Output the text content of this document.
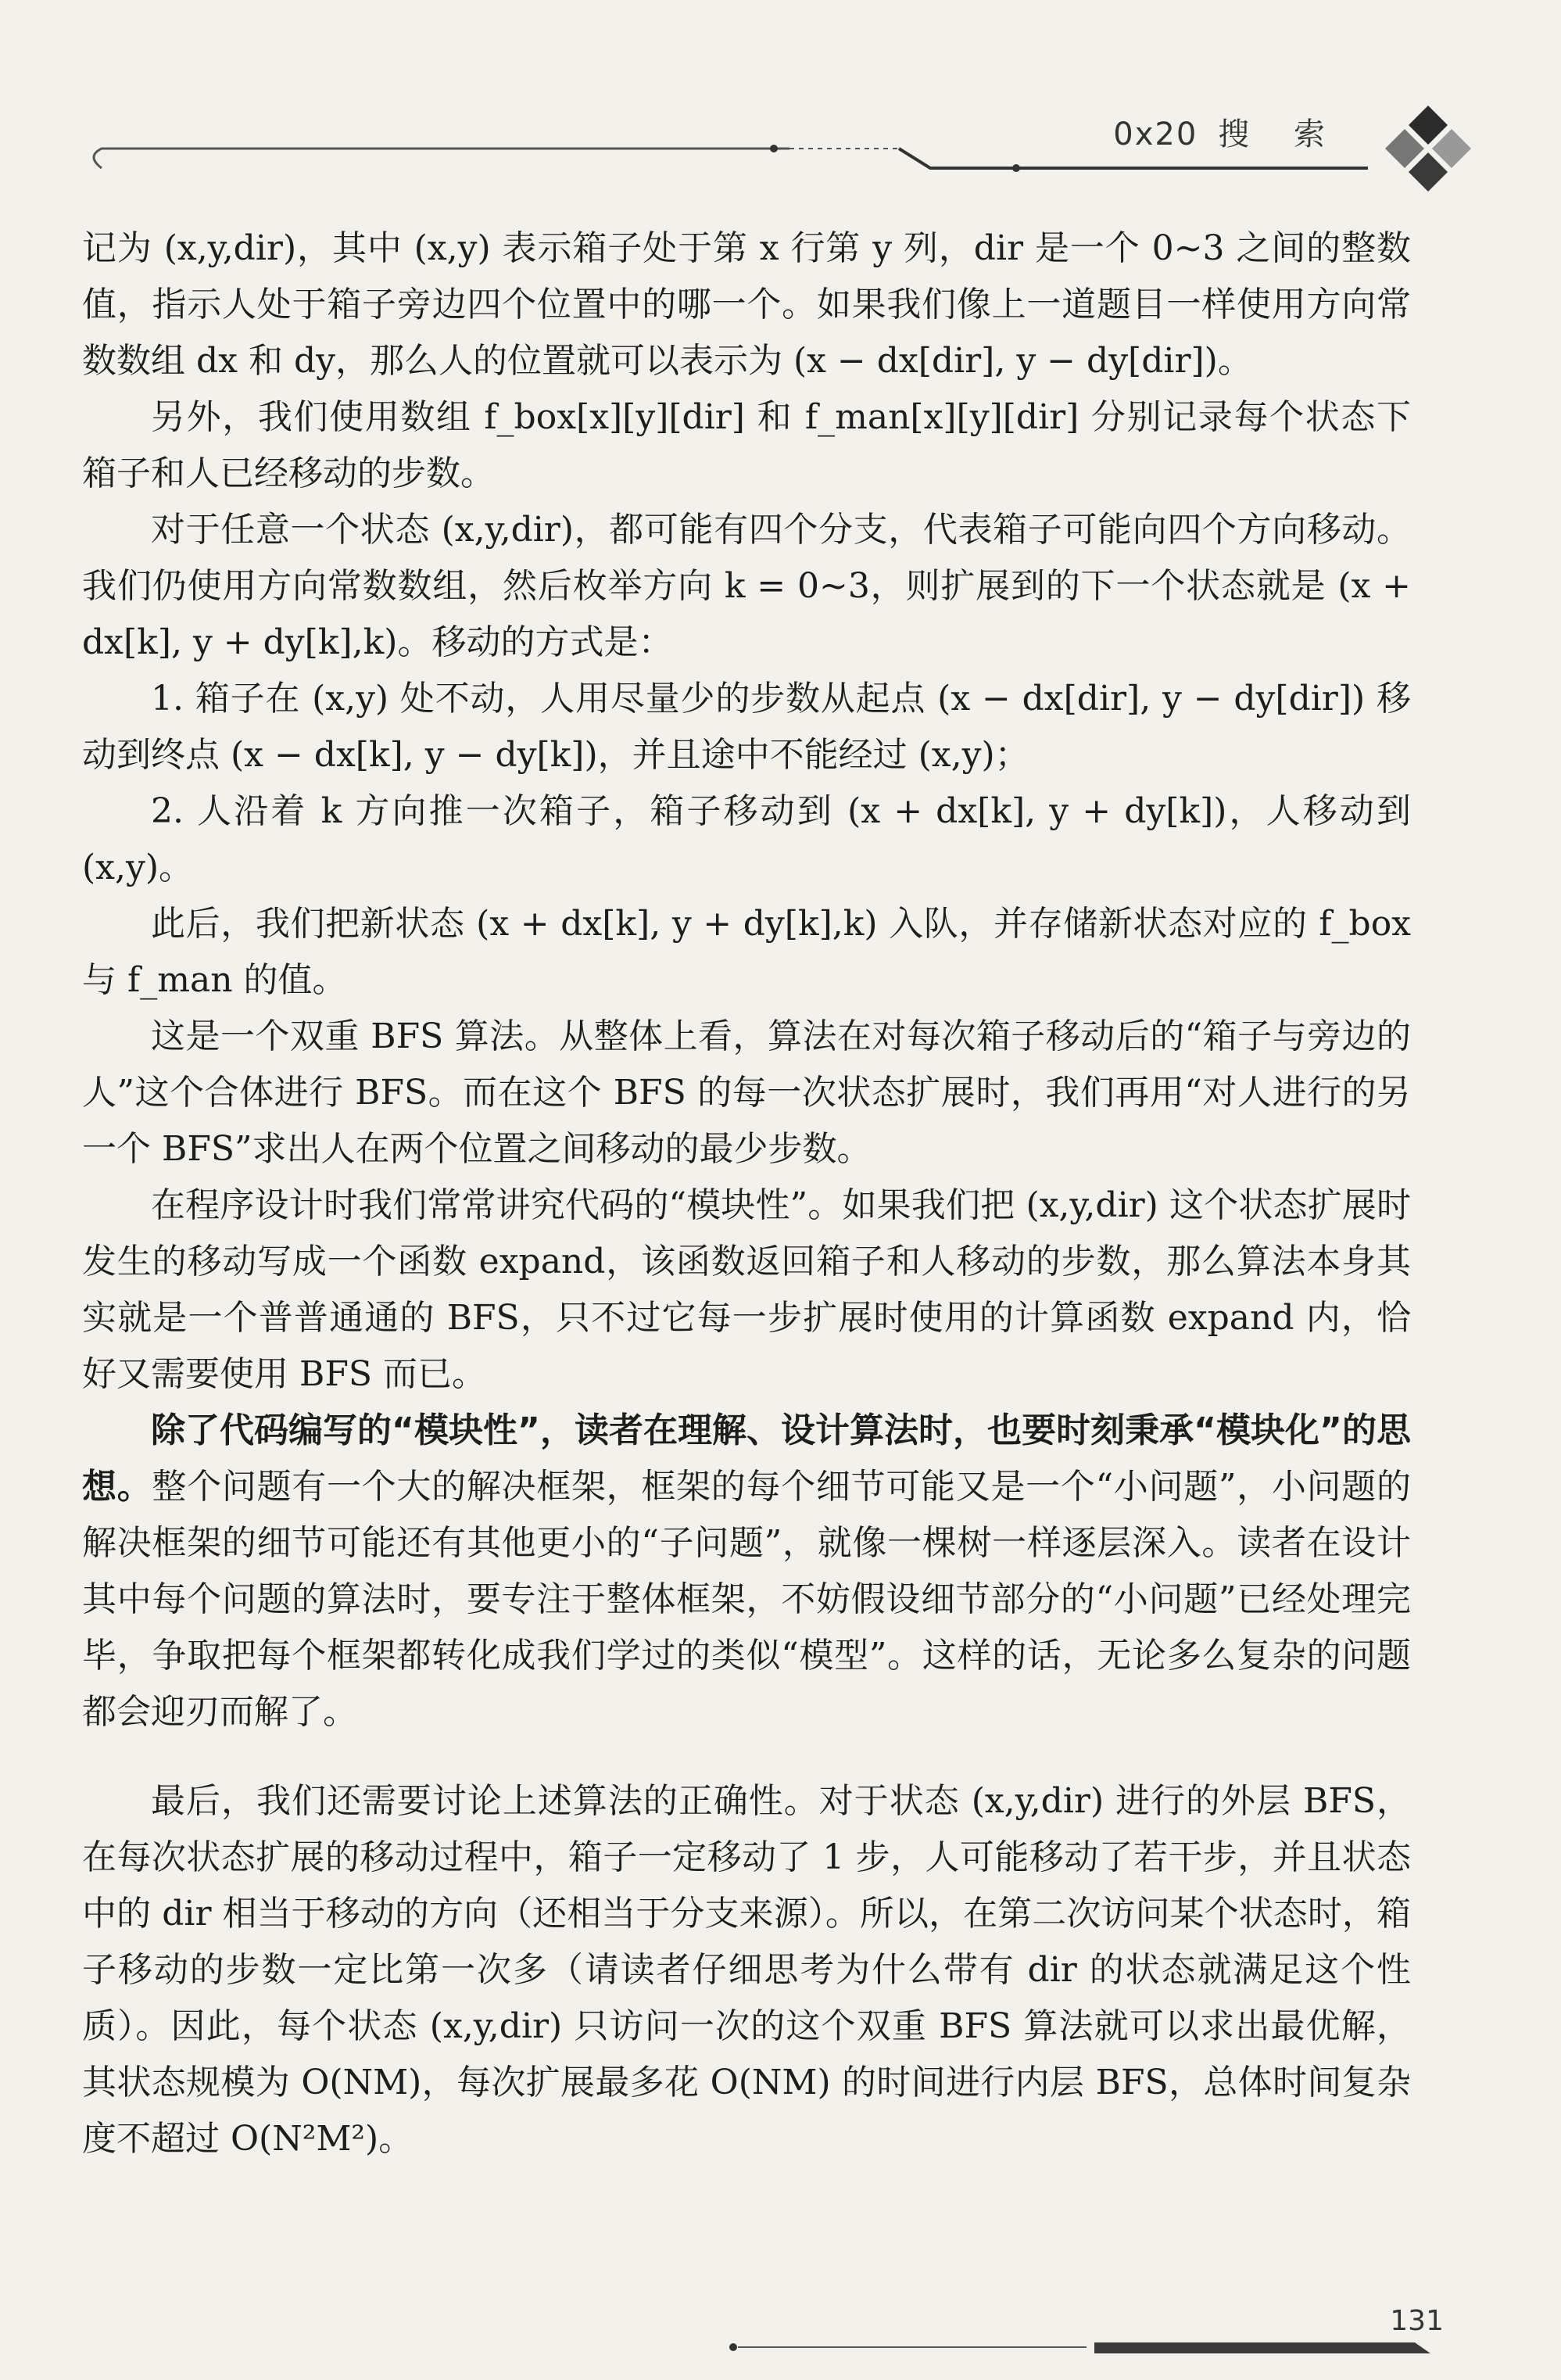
0x20 搜 索

记为 (x,y,dir)，其中 (x,y) 表示箱子处于第 x 行第 y 列，dir 是一个 0~3 之间的整数值，指示人处于箱子旁边四个位置中的哪一个。如果我们像上一道题目一样使用方向常数数组 dx 和 dy，那么人的位置就可以表示为 (x − dx[dir], y − dy[dir])。

另外，我们使用数组 f_box[x][y][dir] 和 f_man[x][y][dir] 分别记录每个状态下箱子和人已经移动的步数。

对于任意一个状态 (x,y,dir)，都可能有四个分支，代表箱子可能向四个方向移动。我们仍使用方向常数数组，然后枚举方向 k = 0~3，则扩展到的下一个状态就是 (x + dx[k], y + dy[k],k)。移动的方式是：

1. 箱子在 (x,y) 处不动，人用尽量少的步数从起点 (x − dx[dir], y − dy[dir]) 移动到终点 (x − dx[k], y − dy[k])，并且途中不能经过 (x,y)；

2. 人沿着 k 方向推一次箱子，箱子移动到 (x + dx[k], y + dy[k])，人移动到 (x,y)。

此后，我们把新状态 (x + dx[k], y + dy[k],k) 入队，并存储新状态对应的 f_box 与 f_man 的值。

这是一个双重 BFS 算法。从整体上看，算法在对每次箱子移动后的“箱子与旁边的人”这个合体进行 BFS。而在这个 BFS 的每一次状态扩展时，我们再用“对人进行的另一个 BFS”求出人在两个位置之间移动的最少步数。

在程序设计时我们常常讲究代码的“模块性”。如果我们把 (x,y,dir) 这个状态扩展时发生的移动写成一个函数 expand，该函数返回箱子和人移动的步数，那么算法本身其实就是一个普普通通的 BFS，只不过它每一步扩展时使用的计算函数 expand 内，恰好又需要使用 BFS 而已。

除了代码编写的“模块性”，读者在理解、设计算法时，也要时刻秉承“模块化”的思想。整个问题有一个大的解决框架，框架的每个细节可能又是一个“小问题”，小问题的解决框架的细节可能还有其他更小的“子问题”，就像一棵树一样逐层深入。读者在设计其中每个问题的算法时，要专注于整体框架，不妨假设细节部分的“小问题”已经处理完毕，争取把每个框架都转化成我们学过的类似“模型”。这样的话，无论多么复杂的问题都会迎刃而解了。

最后，我们还需要讨论上述算法的正确性。对于状态 (x,y,dir) 进行的外层 BFS，在每次状态扩展的移动过程中，箱子一定移动了 1 步，人可能移动了若干步，并且状态中的 dir 相当于移动的方向（还相当于分支来源）。所以，在第二次访问某个状态时，箱子移动的步数一定比第一次多（请读者仔细思考为什么带有 dir 的状态就满足这个性质）。因此，每个状态 (x,y,dir) 只访问一次的这个双重 BFS 算法就可以求出最优解，其状态规模为 O(NM)，每次扩展最多花 O(NM) 的时间进行内层 BFS，总体时间复杂度不超过 O(N²M²)。

131
